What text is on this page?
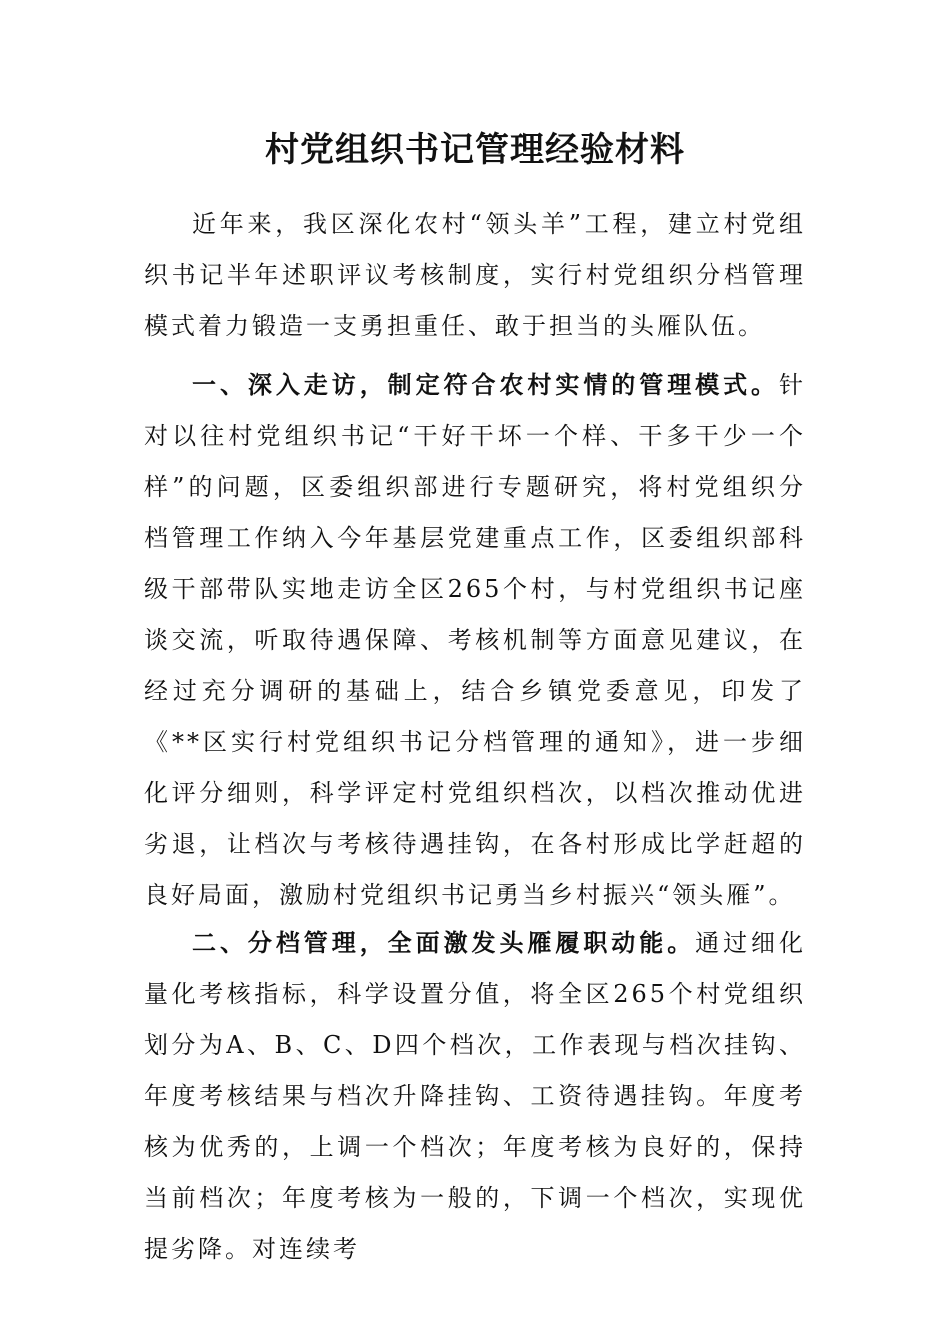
村党组织书记管理经验材料

近年来，我区深化农村“领头羊”工程，建立村党组织书记半年述职评议考核制度，实行村党组织分档管理模式着力锻造一支勇担重任、敢于担当的头雁队伍。

一、深入走访，制定符合农村实情的管理模式。针对以往村党组织书记“干好干坏一个样、干多干少一个样”的问题，区委组织部进行专题研究，将村党组织分档管理工作纳入今年基层党建重点工作，区委组织部科级干部带队实地走访全区265个村，与村党组织书记座谈交流，听取待遇保障、考核机制等方面意见建议，在经过充分调研的基础上，结合乡镇党委意见，印发了《**区实行村党组织书记分档管理的通知》，进一步细化评分细则，科学评定村党组织档次，以档次推动优进劣退，让档次与考核待遇挂钩，在各村形成比学赶超的良好局面，激励村党组织书记勇当乡村振兴“领头雁”。

二、分档管理，全面激发头雁履职动能。通过细化量化考核指标，科学设置分值，将全区265个村党组织划分为A、B、C、D四个档次，工作表现与档次挂钩、年度考核结果与档次升降挂钩、工资待遇挂钩。年度考核为优秀的，上调一个档次；年度考核为良好的，保持当前档次；年度考核为一般的，下调一个档次，实现优提劣降。对连续考
